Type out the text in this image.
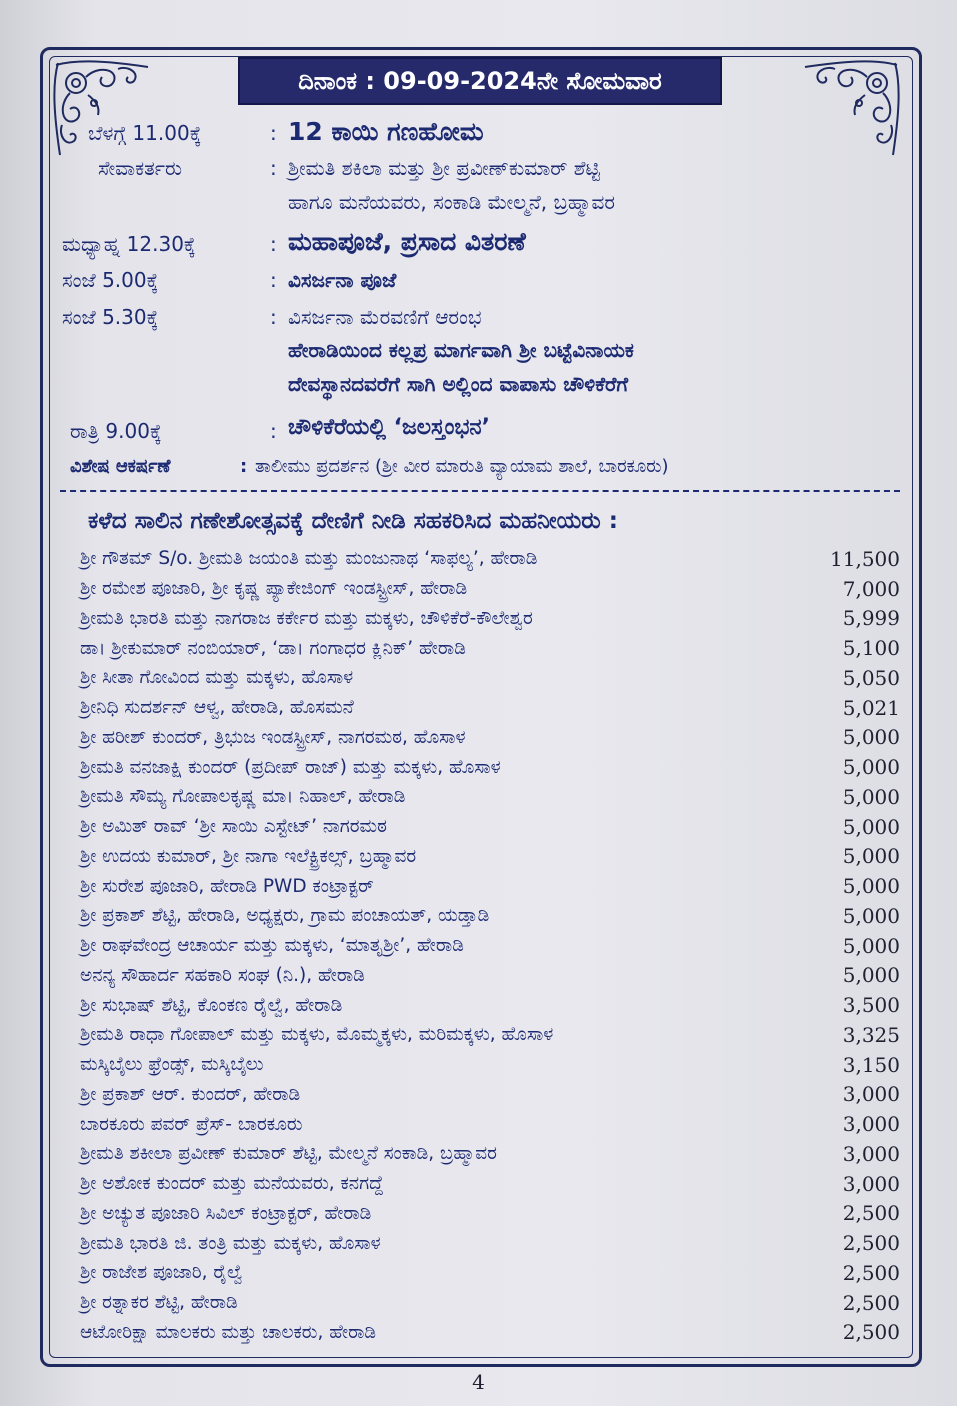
ದಿನಾಂಕ : 09-09-2024ನೇ ಸೋಮವಾರ
ಬೆಳಗ್ಗೆ 11.00ಕ್ಕೆ	: 12 ಕಾಯಿ ಗಣಹೋಮ
ಸೇವಾಕರ್ತರು	: ಶ್ರೀಮತಿ ಶಕಿಲಾ ಮತ್ತು ಶ್ರೀ ಪ್ರವೀಣ್‌ಕುಮಾರ್ ಶೆಟ್ಟಿ
ಹಾಗೂ ಮನೆಯವರು, ಸಂಕಾಡಿ ಮೇಲ್ಮನೆ, ಬ್ರಹ್ಮಾವರ
ಮಧ್ಯಾಹ್ನ 12.30ಕ್ಕೆ	: ಮಹಾಪೂಜೆ, ಪ್ರಸಾದ ವಿತರಣೆ
ಸಂಜೆ 5.00ಕ್ಕೆ	: ವಿಸರ್ಜನಾ ಪೂಜೆ
ಸಂಜೆ 5.30ಕ್ಕೆ	: ವಿಸರ್ಜನಾ ಮೆರವಣಿಗೆ ಆರಂಭ
ಹೇರಾಡಿಯಿಂದ ಕಲ್ಲಪ್ರ ಮಾರ್ಗವಾಗಿ ಶ್ರೀ ಬಟ್ಟೆವಿನಾಯಕ
ದೇವಸ್ಥಾನದವರೆಗೆ ಸಾಗಿ ಅಲ್ಲಿಂದ ವಾಪಾಸು ಚೌಳಿಕೆರೆಗೆ
ರಾತ್ರಿ 9.00ಕ್ಕೆ	: ಚೌಳಿಕೆರೆಯಲ್ಲಿ ‘ಜಲಸ್ತಂಭನ’
ವಿಶೇಷ ಆಕರ್ಷಣೆ	: ತಾಲೀಮು ಪ್ರದರ್ಶನ (ಶ್ರೀ ವೀರ ಮಾರುತಿ ವ್ಯಾಯಾಮ ಶಾಲೆ, ಬಾರಕೂರು)
ಕಳೆದ ಸಾಲಿನ ಗಣೇಶೋತ್ಸವಕ್ಕೆ ದೇಣಿಗೆ ನೀಡಿ ಸಹಕರಿಸಿದ ಮಹನೀಯರು :
ಶ್ರೀ ಗೌತಮ್ S/o. ಶ್ರೀಮತಿ ಜಯಂತಿ ಮತ್ತು ಮಂಜುನಾಥ ‘ಸಾಫಲ್ಯ’, ಹೇರಾಡಿ	11,500
ಶ್ರೀ ರಮೇಶ ಪೂಜಾರಿ, ಶ್ರೀ ಕೃಷ್ಣ ಪ್ಯಾಕೇಜಿಂಗ್ ಇಂಡಸ್ಟ್ರೀಸ್, ಹೇರಾಡಿ	7,000
ಶ್ರೀಮತಿ ಭಾರತಿ ಮತ್ತು ನಾಗರಾಜ ಕರ್ಕೇರ ಮತ್ತು ಮಕ್ಕಳು, ಚೌಳಿಕೆರೆ-ಕೌಲೇಶ್ವರ	5,999
ಡಾ। ಶ್ರೀಕುಮಾರ್ ನಂಬಿಯಾರ್, ‘ಡಾ। ಗಂಗಾಧರ ಕ್ಲಿನಿಕ್’ ಹೇರಾಡಿ	5,100
ಶ್ರೀ ಸೀತಾ ಗೋವಿಂದ ಮತ್ತು ಮಕ್ಕಳು, ಹೊಸಾಳ	5,050
ಶ್ರೀನಿಧಿ ಸುದರ್ಶನ್ ಆಳ್ವ, ಹೇರಾಡಿ, ಹೊಸಮನೆ	5,021
ಶ್ರೀ ಹರೀಶ್ ಕುಂದರ್, ತ್ರಿಭುಜ ಇಂಡಸ್ಟ್ರೀಸ್, ನಾಗರಮಠ, ಹೊಸಾಳ	5,000
ಶ್ರೀಮತಿ ವನಜಾಕ್ಷಿ ಕುಂದರ್ (ಪ್ರದೀಪ್ ರಾಜ್) ಮತ್ತು ಮಕ್ಕಳು, ಹೊಸಾಳ	5,000
ಶ್ರೀಮತಿ ಸೌಮ್ಯ ಗೋಪಾಲಕೃಷ್ಣ ಮಾ। ನಿಹಾಲ್, ಹೇರಾಡಿ	5,000
ಶ್ರೀ ಅಮಿತ್ ರಾವ್ ‘ಶ್ರೀ ಸಾಯಿ ಎಸ್ಟೇಟ್’ ನಾಗರಮಠ	5,000
ಶ್ರೀ ಉದಯ ಕುಮಾರ್, ಶ್ರೀ ನಾಗಾ ಇಲೆಕ್ಟ್ರಿಕಲ್ಸ್, ಬ್ರಹ್ಮಾವರ	5,000
ಶ್ರೀ ಸುರೇಶ ಪೂಜಾರಿ, ಹೇರಾಡಿ PWD ಕಂಟ್ರಾಕ್ಟರ್	5,000
ಶ್ರೀ ಪ್ರಕಾಶ್ ಶೆಟ್ಟಿ, ಹೇರಾಡಿ, ಅಧ್ಯಕ್ಷರು, ಗ್ರಾಮ ಪಂಚಾಯತ್, ಯಡ್ತಾಡಿ	5,000
ಶ್ರೀ ರಾಘವೇಂದ್ರ ಆಚಾರ್ಯ ಮತ್ತು ಮಕ್ಕಳು, ‘ಮಾತೃಶ್ರೀ’, ಹೇರಾಡಿ	5,000
ಅನನ್ಯ ಸೌಹಾರ್ದ ಸಹಕಾರಿ ಸಂಘ (ನಿ.), ಹೇರಾಡಿ	5,000
ಶ್ರೀ ಸುಭಾಷ್ ಶೆಟ್ಟಿ, ಕೊಂಕಣ ರೈಲ್ವೆ, ಹೇರಾಡಿ	3,500
ಶ್ರೀಮತಿ ರಾಧಾ ಗೋಪಾಲ್ ಮತ್ತು ಮಕ್ಕಳು, ಮೊಮ್ಮಕ್ಕಳು, ಮರಿಮಕ್ಕಳು, ಹೊಸಾಳ	3,325
ಮಸ್ಕಿಬೈಲು ಫ್ರೆಂಡ್ಸ್, ಮಸ್ಕಿಬೈಲು	3,150
ಶ್ರೀ ಪ್ರಕಾಶ್ ಆರ್. ಕುಂದರ್, ಹೇರಾಡಿ	3,000
ಬಾರಕೂರು ಪವರ್ ಪ್ರೆಸ್- ಬಾರಕೂರು	3,000
ಶ್ರೀಮತಿ ಶಕೀಲಾ ಪ್ರವೀಣ್ ಕುಮಾರ್ ಶೆಟ್ಟಿ, ಮೇಲ್ಮನೆ ಸಂಕಾಡಿ, ಬ್ರಹ್ಮಾವರ	3,000
ಶ್ರೀ ಅಶೋಕ ಕುಂದರ್ ಮತ್ತು ಮನೆಯವರು, ಕನಗದ್ದೆ	3,000
ಶ್ರೀ ಅಚ್ಯುತ ಪೂಜಾರಿ ಸಿವಿಲ್ ಕಂಟ್ರಾಕ್ಟರ್, ಹೇರಾಡಿ	2,500
ಶ್ರೀಮತಿ ಭಾರತಿ ಜಿ. ತಂತ್ರಿ ಮತ್ತು ಮಕ್ಕಳು, ಹೊಸಾಳ	2,500
ಶ್ರೀ ರಾಜೇಶ ಪೂಜಾರಿ, ರೈಲ್ವೆ	2,500
ಶ್ರೀ ರತ್ನಾಕರ ಶೆಟ್ಟಿ, ಹೇರಾಡಿ	2,500
ಆಟೋರಿಕ್ಷಾ ಮಾಲಕರು ಮತ್ತು ಚಾಲಕರು, ಹೇರಾಡಿ	2,500
4
